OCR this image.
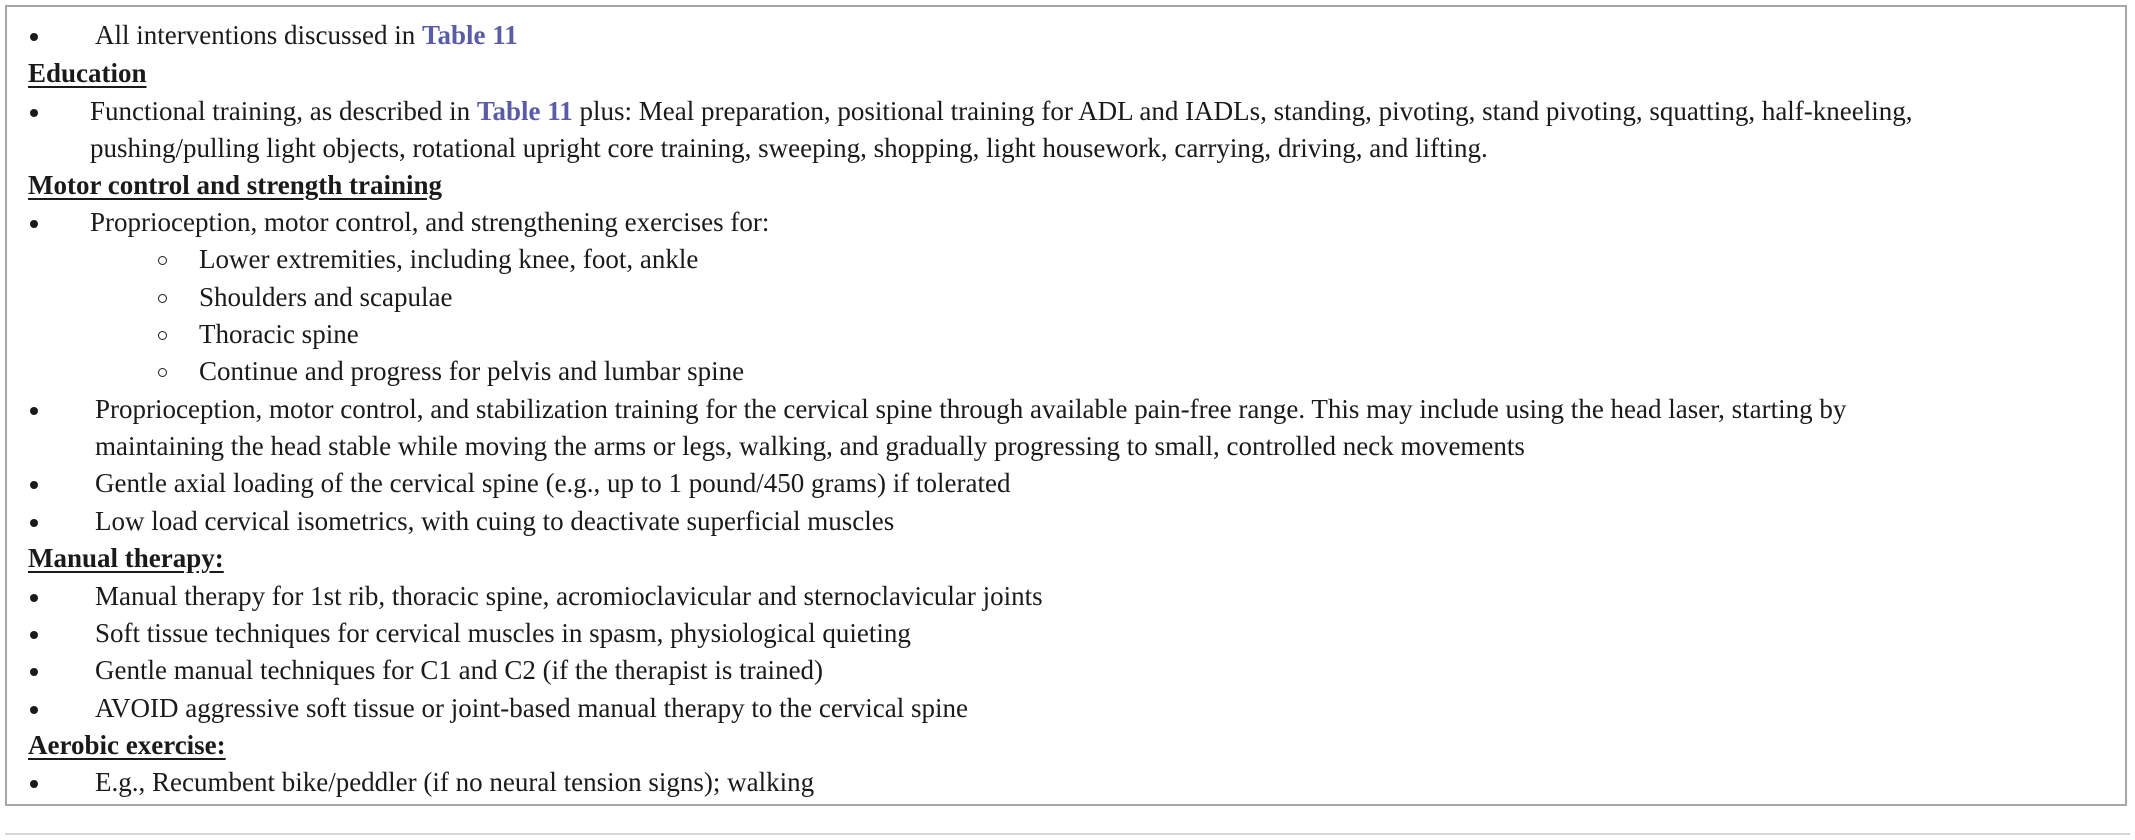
All interventions discussed in Table 11
Education
Functional training, as described in Table 11 plus: Meal preparation, positional training for ADL and IADLs, standing, pivoting, stand pivoting, squatting, half-kneeling,
pushing/pulling light objects, rotational upright core training, sweeping, shopping, light housework, carrying, driving, and lifting.
Motor control and strength training
Proprioception, motor control, and strengthening exercises for:
Lower extremities, including knee, foot, ankle
Shoulders and scapulae
Thoracic spine
Continue and progress for pelvis and lumbar spine
Proprioception, motor control, and stabilization training for the cervical spine through available pain-free range. This may include using the head laser, starting by
maintaining the head stable while moving the arms or legs, walking, and gradually progressing to small, controlled neck movements
Gentle axial loading of the cervical spine (e.g., up to 1 pound/450 grams) if tolerated
Low load cervical isometrics, with cuing to deactivate superficial muscles
Manual therapy:
Manual therapy for 1st rib, thoracic spine, acromioclavicular and sternoclavicular joints
Soft tissue techniques for cervical muscles in spasm, physiological quieting
Gentle manual techniques for C1 and C2 (if the therapist is trained)
AVOID aggressive soft tissue or joint-based manual therapy to the cervical spine
Aerobic exercise:
E.g., Recumbent bike/peddler (if no neural tension signs); walking
